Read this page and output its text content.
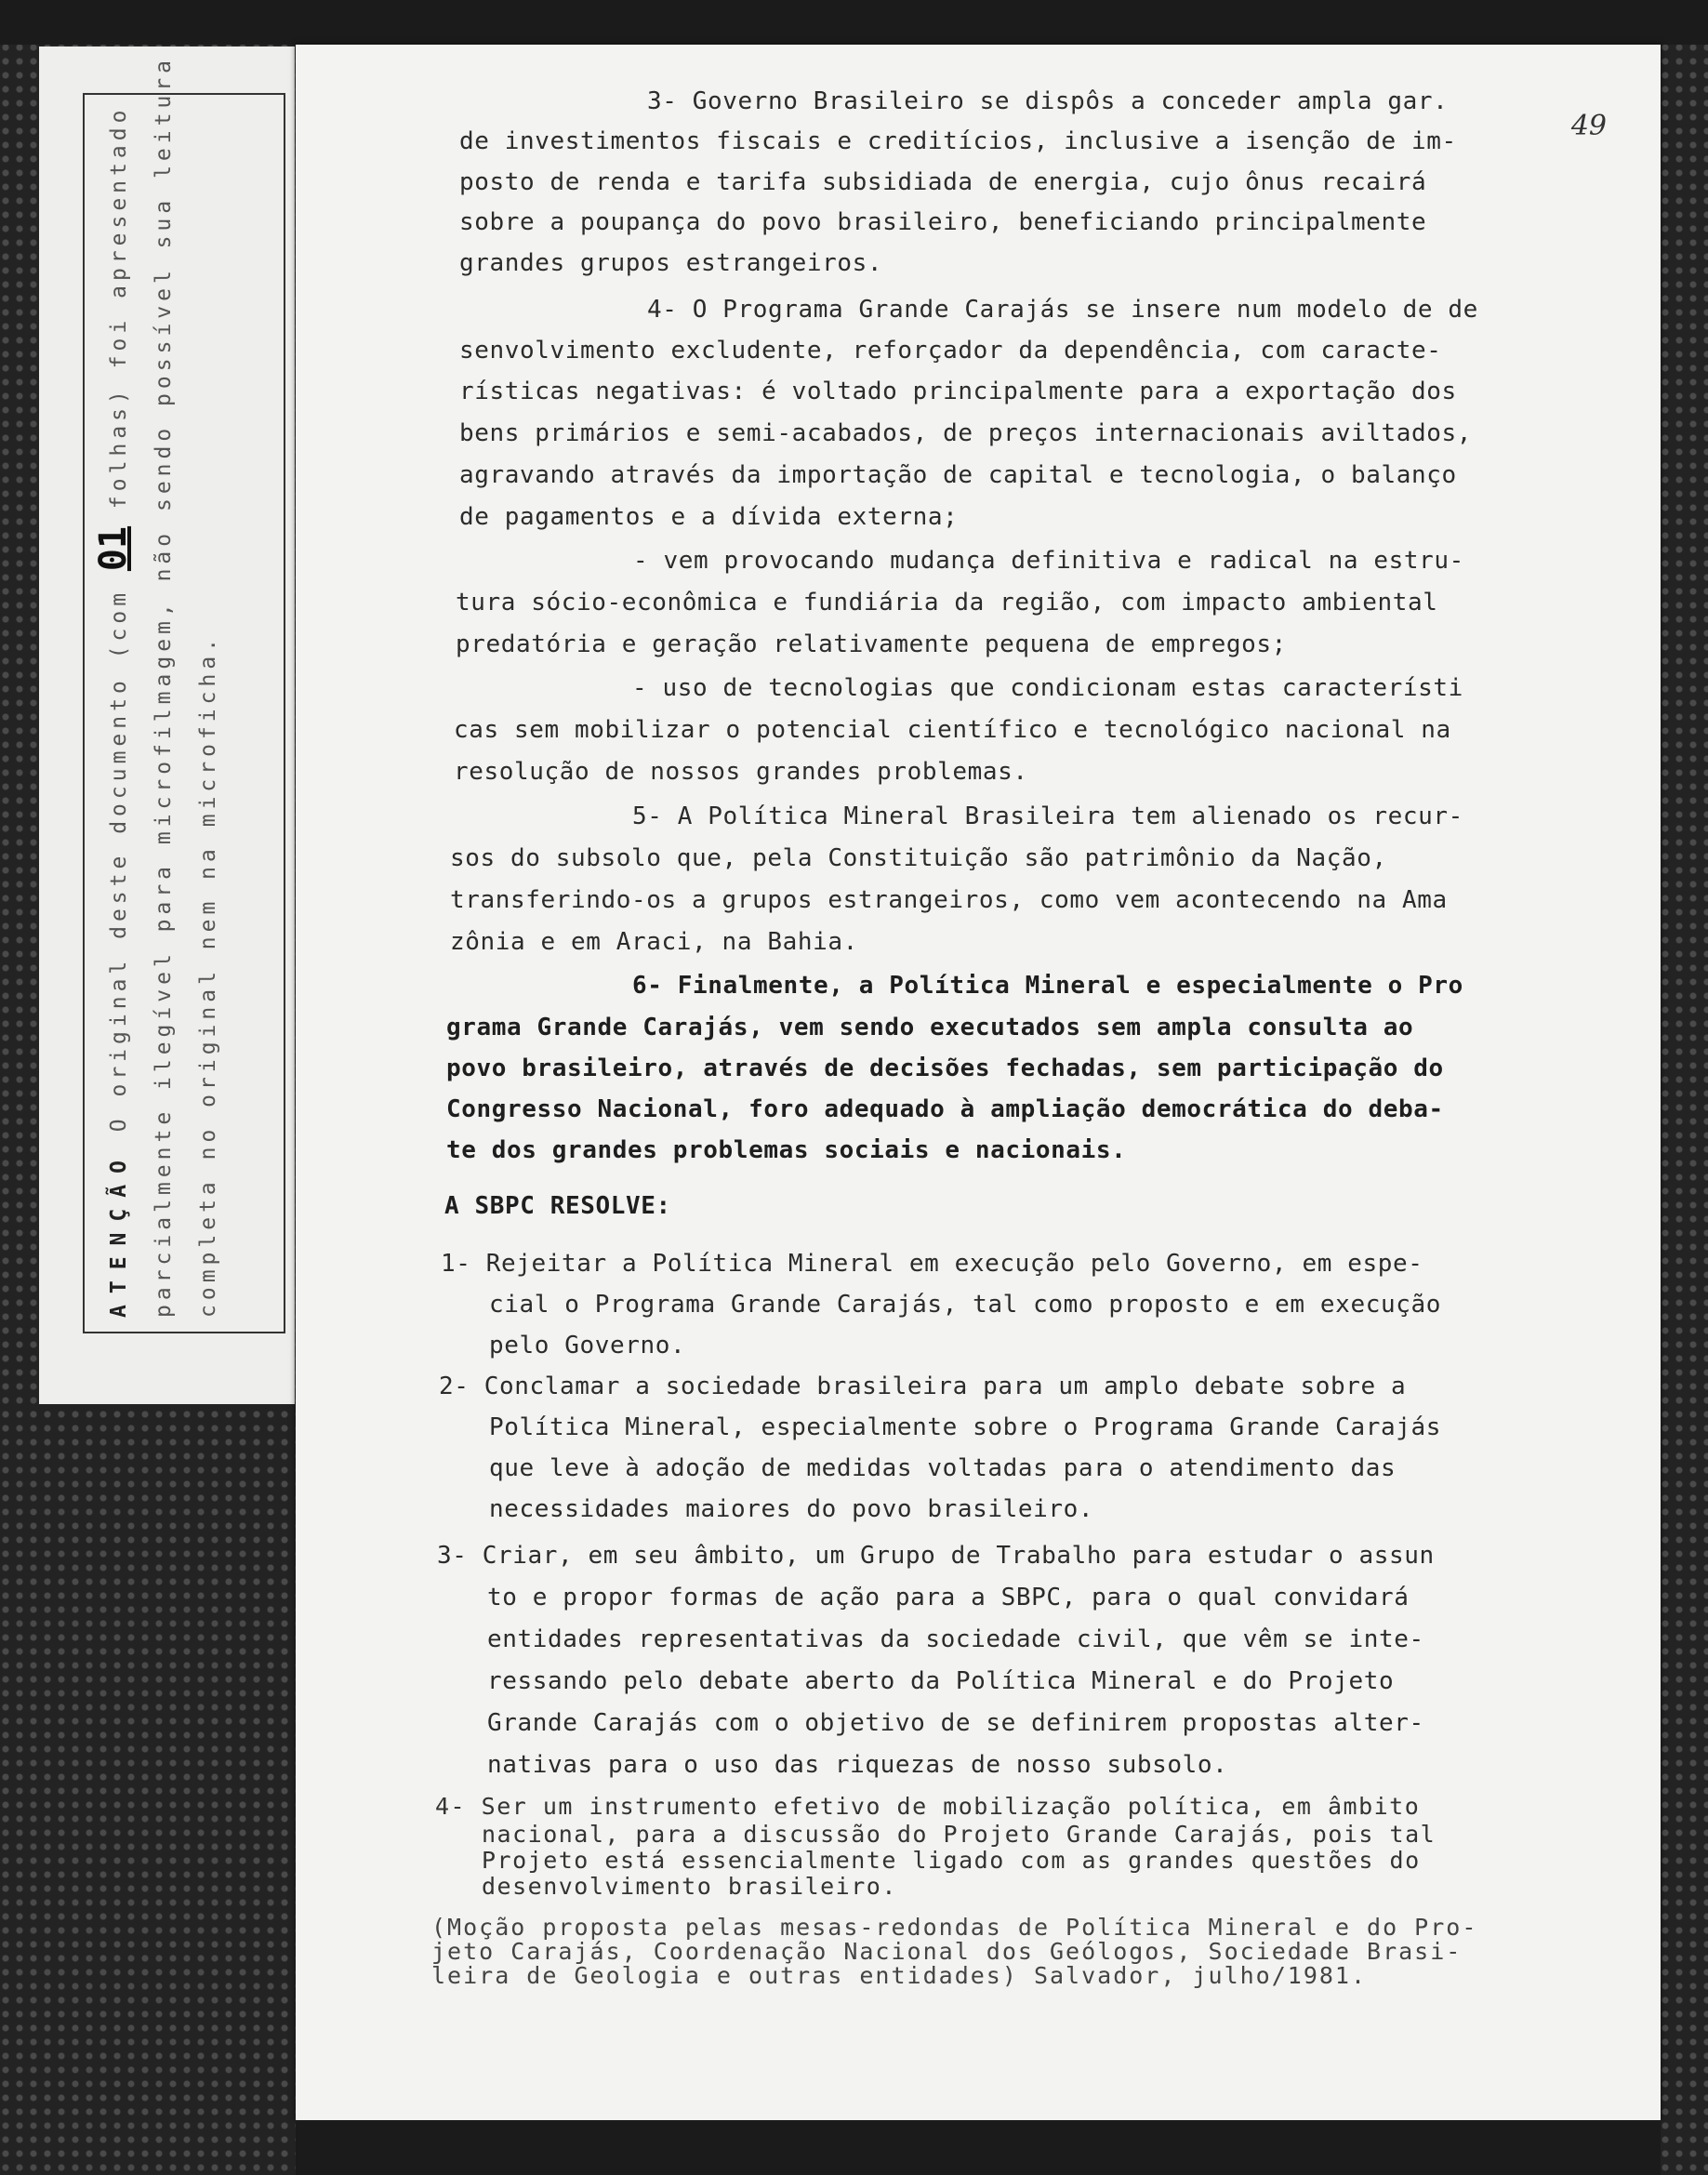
ATENÇÃO O original deste documento (com 01 folhas) foi apresentado parcialmente ilegível para microfilmagem, não sendo possível sua leitura completa no original nem na microficha.
49
3- Governo Brasileiro se dispôs a conceder ampla gar.
de investimentos fiscais e creditícios, inclusive a isenção de im-
posto de renda e tarifa subsidiada de energia, cujo ônus recairá
sobre a poupança do povo brasileiro, beneficiando principalmente
grandes grupos estrangeiros.
4- O Programa Grande Carajás se insere num modelo de de
senvolvimento excludente, reforçador da dependência, com caracte-
rísticas negativas: é voltado principalmente para a exportação dos
bens primários e semi-acabados, de preços internacionais aviltados,
agravando através da importação de capital e tecnologia, o balanço
de pagamentos e a dívida externa;
- vem provocando mudança definitiva e radical na estru-
tura sócio-econômica e fundiária da região, com impacto ambiental
predatória e geração relativamente pequena de empregos;
- uso de tecnologias que condicionam estas característi
cas sem mobilizar o potencial científico e tecnológico nacional na
resolução de nossos grandes problemas.
5- A Política Mineral Brasileira tem alienado os recur-
sos do subsolo que, pela Constituição são patrimônio da Nação,
transferindo-os a grupos estrangeiros, como vem acontecendo na Ama
zônia e em Araci, na Bahia.
6- Finalmente, a Política Mineral e especialmente o Pro
grama Grande Carajás, vem sendo executados sem ampla consulta ao
povo brasileiro, através de decisões fechadas, sem participação do
Congresso Nacional, foro adequado à ampliação democrática do deba-
te dos grandes problemas sociais e nacionais.
A SBPC RESOLVE:
1- Rejeitar a Política Mineral em execução pelo Governo, em espe-
cial o Programa Grande Carajás, tal como proposto e em execução
pelo Governo.
2- Conclamar a sociedade brasileira para um amplo debate sobre a
Política Mineral, especialmente sobre o Programa Grande Carajás
que leve à adoção de medidas voltadas para o atendimento das
necessidades maiores do povo brasileiro.
3- Criar, em seu âmbito, um Grupo de Trabalho para estudar o assun
to e propor formas de ação para a SBPC, para o qual convidará
entidades representativas da sociedade civil, que vêm se inte-
ressando pelo debate aberto da Política Mineral e do Projeto
Grande Carajás com o objetivo de se definirem propostas alter-
nativas para o uso das riquezas de nosso subsolo.
4- Ser um instrumento efetivo de mobilização política, em âmbito
nacional, para a discussão do Projeto Grande Carajás, pois tal
Projeto está essencialmente ligado com as grandes questões do
desenvolvimento brasileiro.
(Moção proposta pelas mesas-redondas de Política Mineral e do Pro-
jeto Carajás, Coordenação Nacional dos Geólogos, Sociedade Brasi-
leira de Geologia e outras entidades) Salvador, julho/1981.
